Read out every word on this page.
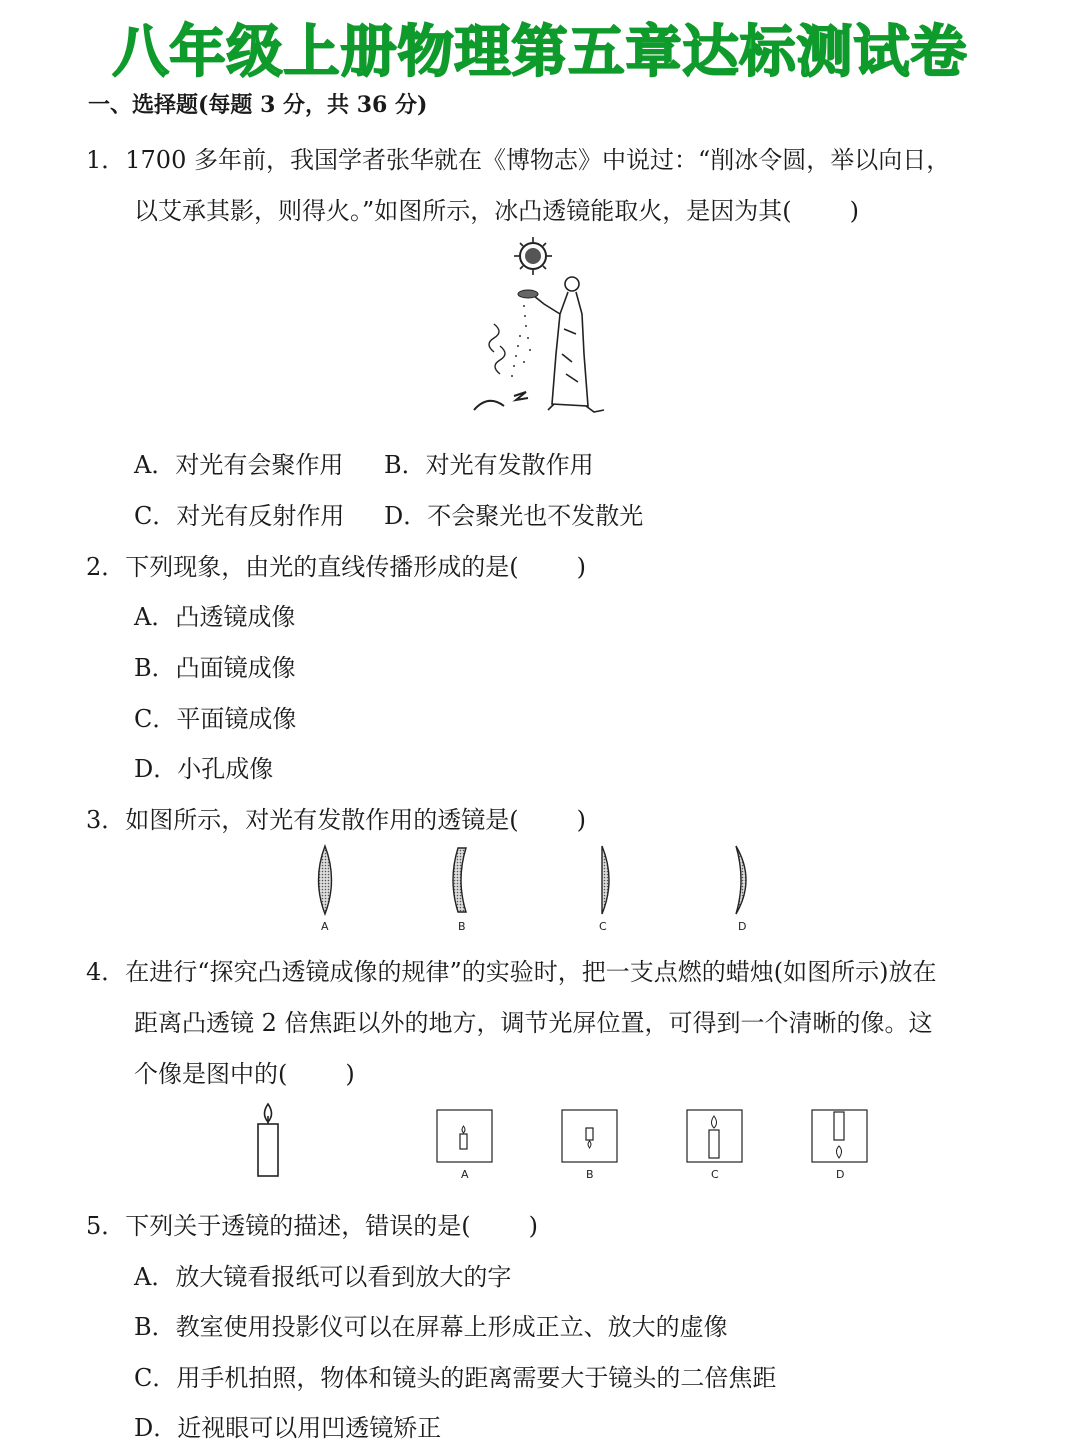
八年级上册物理第五章达标测试卷
一、选择题(每题 3 分，共 36 分)
1．1700 多年前，我国学者张华就在《博物志》中说过：“削冰令圆，举以向日，
以艾承其影，则得火。”如图所示，冰凸透镜能取火，是因为其( )
A．对光有会聚作用 B．对光有发散作用
C．对光有反射作用 D．不会聚光也不发散光
2．下列现象，由光的直线传播形成的是( )
A．凸透镜成像
B．凸面镜成像
C．平面镜成像
D．小孔成像
3．如图所示，对光有发散作用的透镜是( )
A	B	C	D
4．在进行“探究凸透镜成像的规律”的实验时，把一支点燃的蜡烛(如图所示)放在
距离凸透镜 2 倍焦距以外的地方，调节光屏位置，可得到一个清晰的像。这
个像是图中的( )
A	B	C	D
5．下列关于透镜的描述，错误的是( )
A．放大镜看报纸可以看到放大的字
B．教室使用投影仪可以在屏幕上形成正立、放大的虚像
C．用手机拍照，物体和镜头的距离需要大于镜头的二倍焦距
D．近视眼可以用凹透镜矫正
